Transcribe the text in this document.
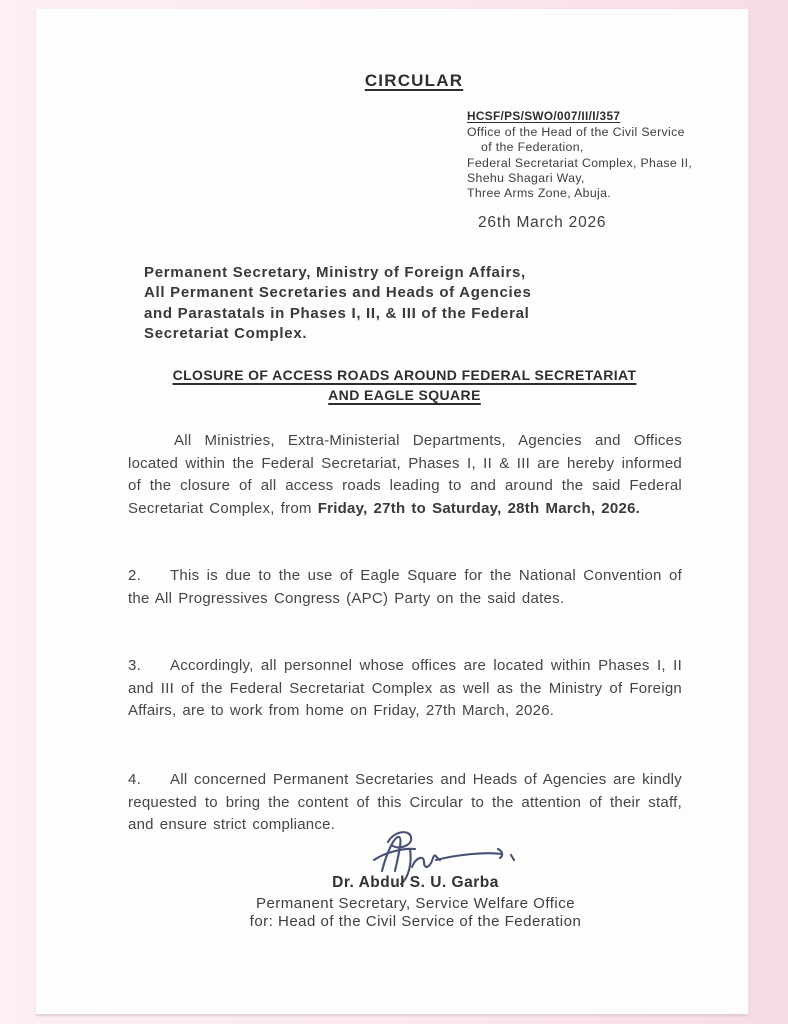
CIRCULAR
HCSF/PS/SWO/007/II/I/357
Office of the Head of the Civil Service
of the Federation,
Federal Secretariat Complex, Phase II,
Shehu Shagari Way,
Three Arms Zone, Abuja.
26th March 2026
Permanent Secretary, Ministry of Foreign Affairs,
All Permanent Secretaries and Heads of Agencies
and Parastatals in Phases I, II, & III of the Federal
Secretariat Complex.
CLOSURE OF ACCESS ROADS AROUND FEDERAL SECRETARIAT
AND EAGLE SQUARE

All Ministries, Extra-Ministerial Departments, Agencies and Offices located within the Federal Secretariat, Phases I, II & III are hereby informed of the closure of all access roads leading to and around the said Federal Secretariat Complex, from Friday, 27th to Saturday, 28th March, 2026.

2. This is due to the use of Eagle Square for the National Convention of the All Progressives Congress (APC) Party on the said dates.

3. Accordingly, all personnel whose offices are located within Phases I, II and III of the Federal Secretariat Complex as well as the Ministry of Foreign Affairs, are to work from home on Friday, 27th March, 2026.

4. All concerned Permanent Secretaries and Heads of Agencies are kindly requested to bring the content of this Circular to the attention of their staff, and ensure strict compliance.

Dr. Abdul S. U. Garba
Permanent Secretary, Service Welfare Office
for: Head of the Civil Service of the Federation
